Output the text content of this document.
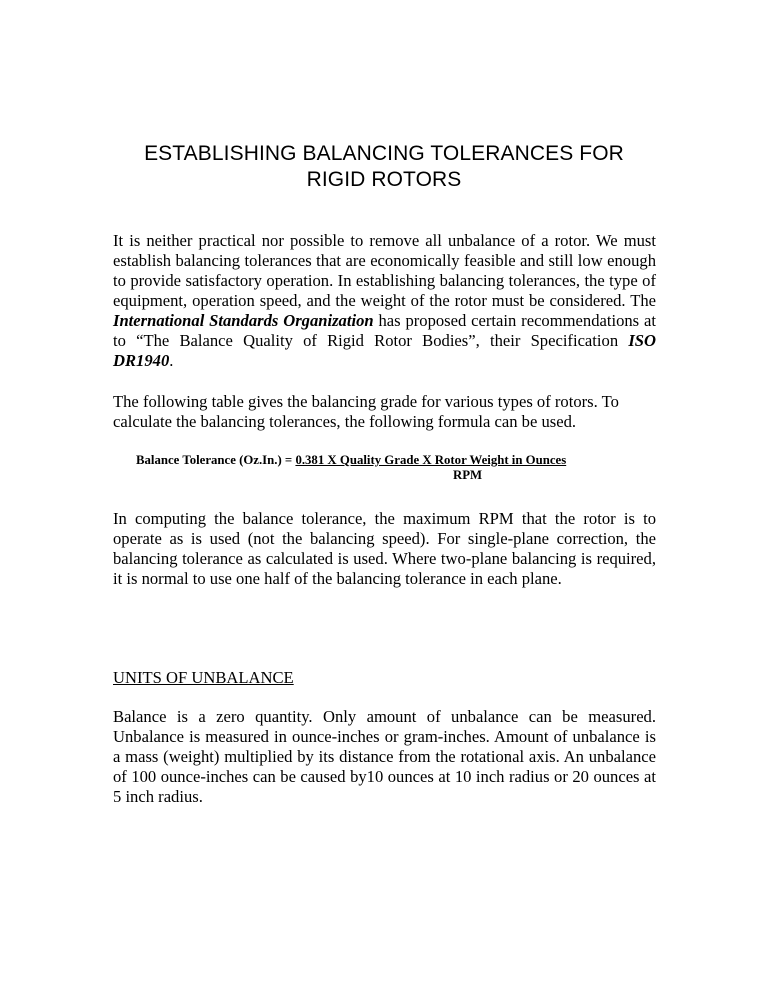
ESTABLISHING BALANCING TOLERANCES FOR
RIGID ROTORS
It is neither practical nor possible to remove all unbalance of a rotor. We must establish balancing tolerances that are economically feasible and still low enough to provide satisfactory operation. In establishing balancing tolerances, the type of equipment, operation speed, and the weight of the rotor must be considered. The International Standards Organization has proposed certain recommendations at to “The Balance Quality of Rigid Rotor Bodies”, their Specification ISO DR1940.
The following table gives the balancing grade for various types of rotors. To calculate the balancing tolerances, the following formula can be used.
Balance Tolerance (Oz.In.) = 0.381 X Quality Grade X Rotor Weight in Ounces
RPM
In computing the balance tolerance, the maximum RPM that the rotor is to operate as is used (not the balancing speed). For single-plane correction, the balancing tolerance as calculated is used. Where two-plane balancing is required, it is normal to use one half of the balancing tolerance in each plane.
UNITS OF UNBALANCE
Balance is a zero quantity. Only amount of unbalance can be measured. Unbalance is measured in ounce-inches or gram-inches. Amount of unbalance is a mass (weight) multiplied by its distance from the rotational axis. An unbalance of 100 ounce-inches can be caused by10 ounces at 10 inch radius or 20 ounces at 5 inch radius.
